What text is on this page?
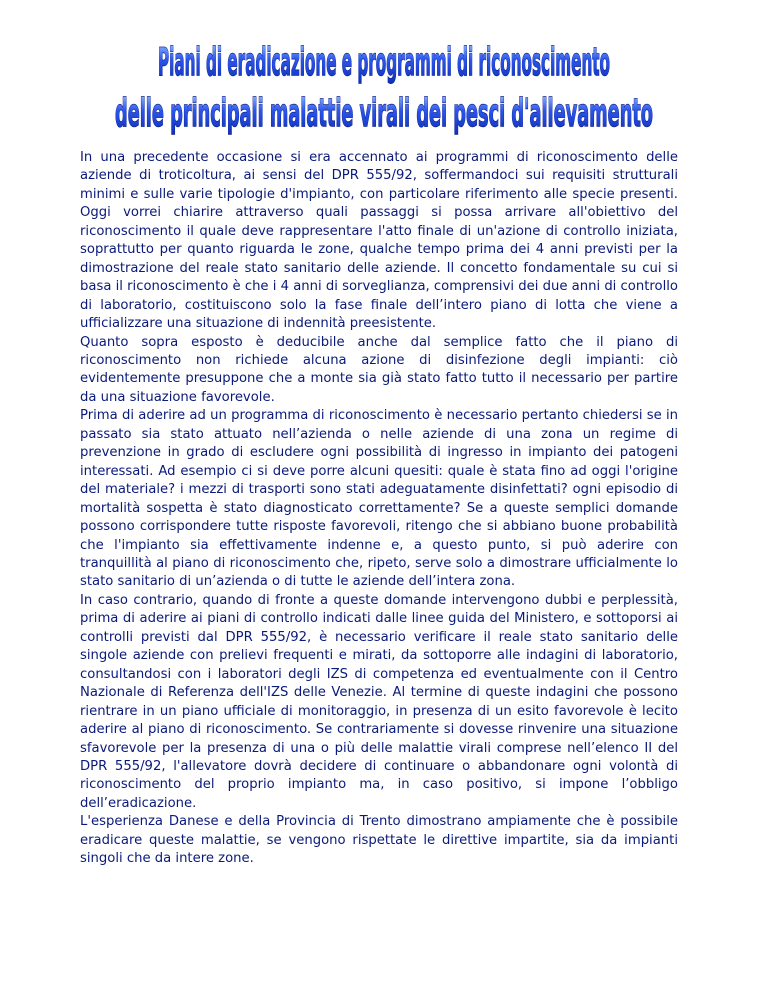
Piani di eradicazione e programmi di riconoscimento
delle principali malattie virali dei pesci d'allevamento

In una precedente occasione si era accennato ai programmi di riconoscimento delle aziende di troticoltura, ai sensi del DPR 555/92, soffermandoci sui requisiti strutturali minimi e sulle varie tipologie d'impianto, con particolare riferimento alle specie presenti. Oggi vorrei chiarire attraverso quali passaggi si possa arrivare all'obiettivo del riconoscimento il quale deve rappresentare l'atto finale di un'azione di controllo iniziata, soprattutto per quanto riguarda le zone, qualche tempo prima dei 4 anni previsti per la dimostrazione del reale stato sanitario delle aziende. Il concetto fondamentale su cui si basa il riconoscimento è che i 4 anni di sorveglianza, comprensivi dei due anni di controllo di laboratorio, costituiscono solo la fase finale dell’intero piano di lotta che viene a ufficializzare una situazione di indennità preesistente.

Quanto sopra esposto è deducibile anche dal semplice fatto che il piano di riconoscimento non richiede alcuna azione di disinfezione degli impianti: ciò evidentemente presuppone che a monte sia già stato fatto tutto il necessario per partire da una situazione favorevole.

Prima di aderire ad un programma di riconoscimento è necessario pertanto chiedersi se in passato sia stato attuato nell’azienda o nelle aziende di una zona un regime di prevenzione in grado di escludere ogni possibilità di ingresso in impianto dei patogeni interessati. Ad esempio ci si deve porre alcuni quesiti: quale è stata fino ad oggi l'origine del materiale? i mezzi di trasporti sono stati adeguatamente disinfettati? ogni episodio di mortalità sospetta è stato diagnosticato correttamente? Se a queste semplici domande possono corrispondere tutte risposte favorevoli, ritengo che si abbiano buone probabilità che l'impianto sia effettivamente indenne e, a questo punto, si può aderire con tranquillità al piano di riconoscimento che, ripeto, serve solo a dimostrare ufficialmente lo stato sanitario di un’azienda o di tutte le aziende dell’intera zona.

In caso contrario, quando di fronte a queste domande intervengono dubbi e perplessità, prima di aderire ai piani di controllo indicati dalle linee guida del Ministero, e sottoporsi ai controlli previsti dal DPR 555/92, è necessario verificare il reale stato sanitario delle singole aziende con prelievi frequenti e mirati, da sottoporre alle indagini di laboratorio, consultandosi con i laboratori degli IZS di competenza ed eventualmente con il Centro Nazionale di Referenza dell'IZS delle Venezie. Al termine di queste indagini che possono rientrare in un piano ufficiale di monitoraggio, in presenza di un esito favorevole è lecito aderire al piano di riconoscimento. Se contrariamente si dovesse rinvenire una situazione sfavorevole per la presenza di una o più delle malattie virali comprese nell’elenco II del DPR 555/92, l'allevatore dovrà decidere di continuare o abbandonare ogni volontà di riconoscimento del proprio impianto ma, in caso positivo, si impone l’obbligo dell’eradicazione.

L'esperienza Danese e della Provincia di Trento dimostrano ampiamente che è possibile eradicare queste malattie, se vengono rispettate le direttive impartite, sia da impianti singoli che da intere zone.
